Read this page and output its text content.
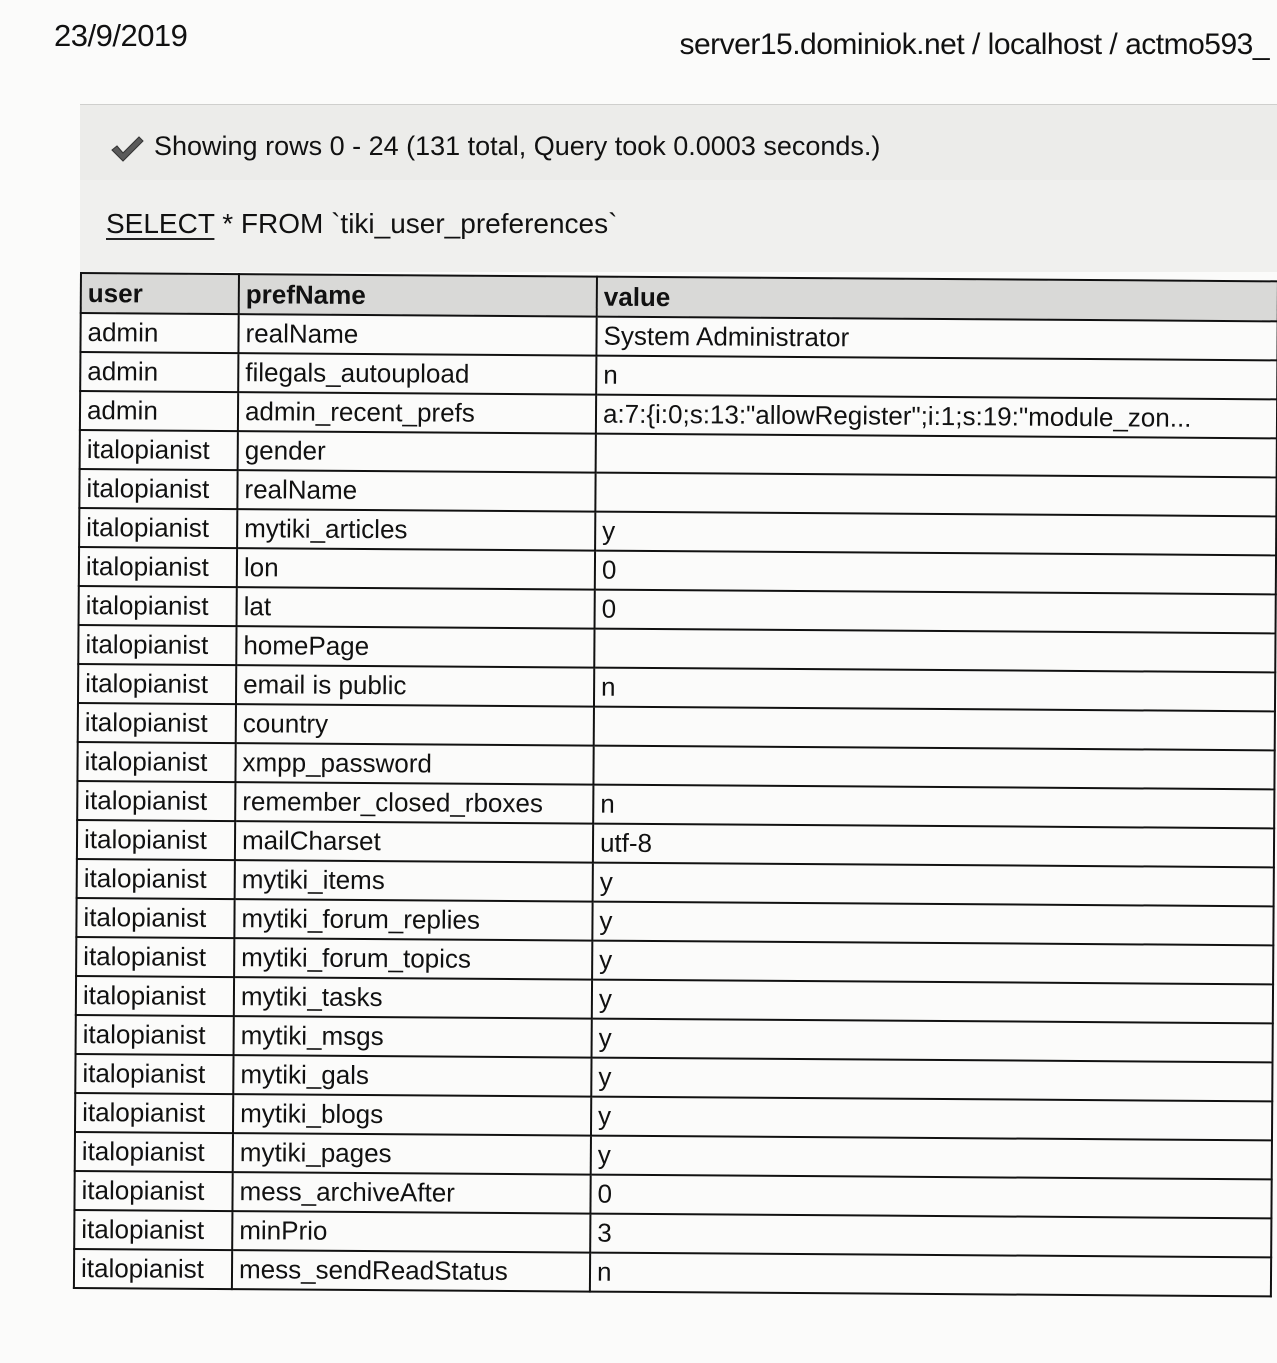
23/9/2019	server15.dominiok.net / localhost / actmo593_
Showing rows 0 - 24 (131 total, Query took 0.0003 seconds.)
SELECT * FROM `tiki_user_preferences`
user	prefName	value
admin	realName	System Administrator
admin	filegals_autoupload	n
admin	admin_recent_prefs	a:7:{i:0;s:13:"allowRegister";i:1;s:19:"module_zon...
italopianist	gender	
italopianist	realName	
italopianist	mytiki_articles	y
italopianist	lon	0
italopianist	lat	0
italopianist	homePage	
italopianist	email is public	n
italopianist	country	
italopianist	xmpp_password	
italopianist	remember_closed_rboxes	n
italopianist	mailCharset	utf-8
italopianist	mytiki_items	y
italopianist	mytiki_forum_replies	y
italopianist	mytiki_forum_topics	y
italopianist	mytiki_tasks	y
italopianist	mytiki_msgs	y
italopianist	mytiki_gals	y
italopianist	mytiki_blogs	y
italopianist	mytiki_pages	y
italopianist	mess_archiveAfter	0
italopianist	minPrio	3
italopianist	mess_sendReadStatus	n
